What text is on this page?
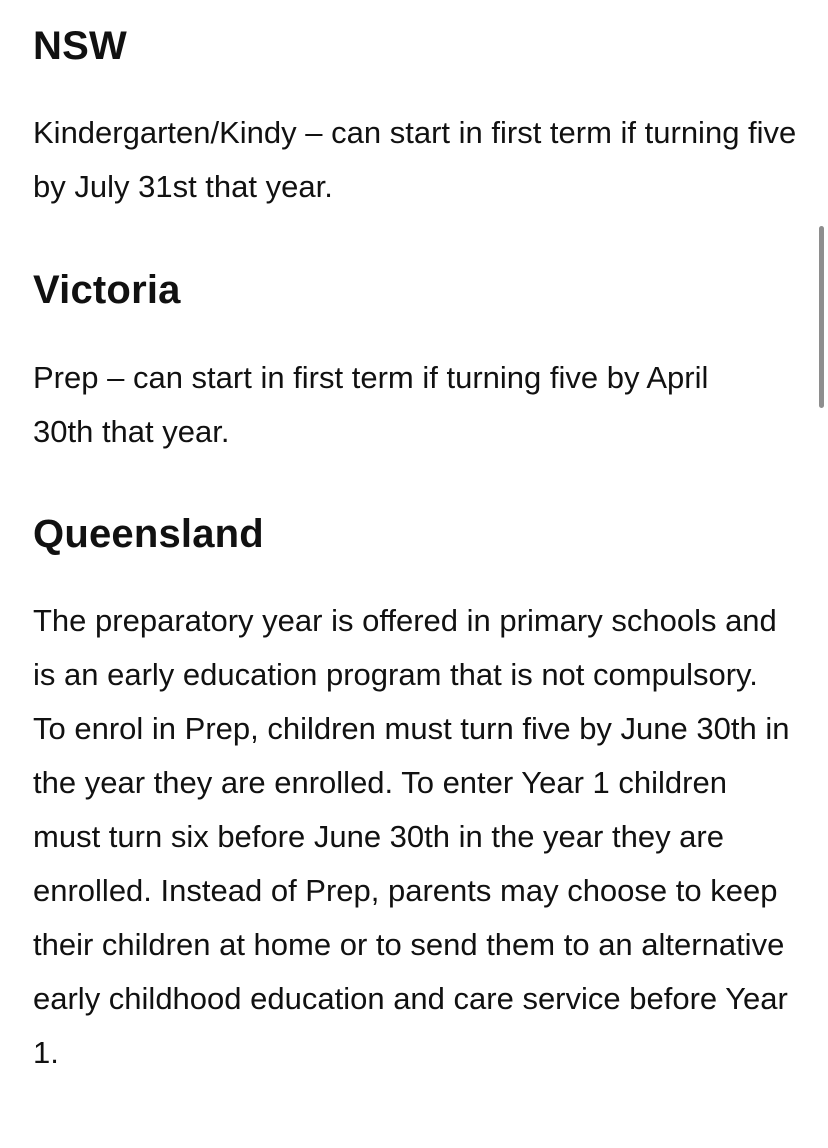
NSW

Kindergarten/Kindy – can start in first term if turning five by July 31st that year.

Victoria

Prep – can start in first term if turning five by April 30th that year.

Queensland

The preparatory year is offered in primary schools and is an early education program that is not compulsory. To enrol in Prep, children must turn five by June 30th in the year they are enrolled. To enter Year 1 children must turn six before June 30th in the year they are enrolled. Instead of Prep, parents may choose to keep their children at home or to send them to an alternative early childhood education and care service before Year 1.
